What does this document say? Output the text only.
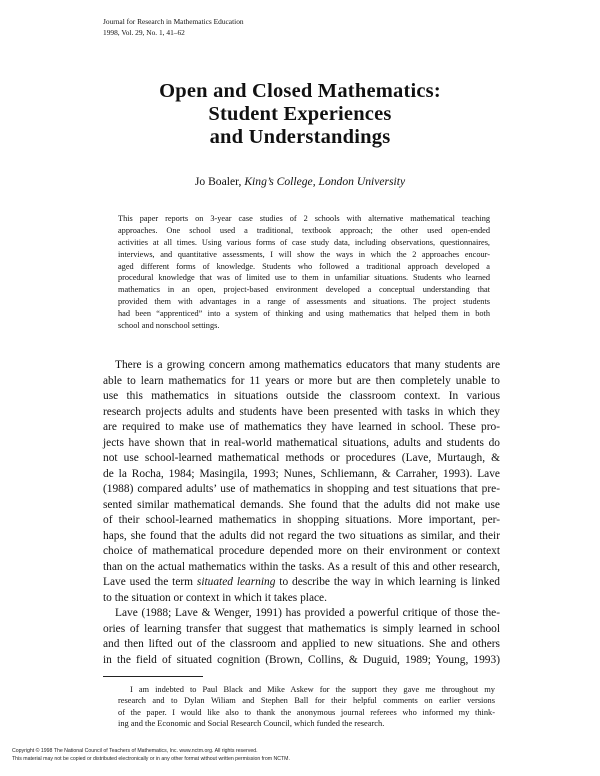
Journal for Research in Mathematics Education
1998, Vol. 29, No. 1, 41–62
Open and Closed Mathematics:
Student Experiences
and Understandings
Jo Boaler, King’s College, London University
This paper reports on 3-year case studies of 2 schools with alternative mathematical teaching
approaches. One school used a traditional, textbook approach; the other used open-ended
activities at all times. Using various forms of case study data, including observations, questionnaires,
interviews, and quantitative assessments, I will show the ways in which the 2 approaches encour-
aged different forms of knowledge. Students who followed a traditional approach developed a
procedural knowledge that was of limited use to them in unfamiliar situations. Students who learned
mathematics in an open, project-based environment developed a conceptual understanding that
provided them with advantages in a range of assessments and situations. The project students
had been “apprenticed” into a system of thinking and using mathematics that helped them in both
school and nonschool settings.
There is a growing concern among mathematics educators that many students are
able to learn mathematics for 11 years or more but are then completely unable to
use this mathematics in situations outside the classroom context. In various
research projects adults and students have been presented with tasks in which they
are required to make use of mathematics they have learned in school. These pro-
jects have shown that in real-world mathematical situations, adults and students do
not use school-learned mathematical methods or procedures (Lave, Murtaugh, &
de la Rocha, 1984; Masingila, 1993; Nunes, Schliemann, & Carraher, 1993). Lave
(1988) compared adults’ use of mathematics in shopping and test situations that pre-
sented similar mathematical demands. She found that the adults did not make use
of their school-learned mathematics in shopping situations. More important, per-
haps, she found that the adults did not regard the two situations as similar, and their
choice of mathematical procedure depended more on their environment or context
than on the actual mathematics within the tasks. As a result of this and other research,
Lave used the term situated learning to describe the way in which learning is linked
to the situation or context in which it takes place.
Lave (1988; Lave & Wenger, 1991) has provided a powerful critique of those the-
ories of learning transfer that suggest that mathematics is simply learned in school
and then lifted out of the classroom and applied to new situations. She and others
in the field of situated cognition (Brown, Collins, & Duguid, 1989; Young, 1993)
I am indebted to Paul Black and Mike Askew for the support they gave me throughout my
research and to Dylan Wiliam and Stephen Ball for their helpful comments on earlier versions
of the paper. I would like also to thank the anonymous journal referees who informed my think-
ing and the Economic and Social Research Council, which funded the research.
Copyright © 1998 The National Council of Teachers of Mathematics, Inc. www.nctm.org. All rights reserved.
This material may not be copied or distributed electronically or in any other format without written permission from NCTM.
